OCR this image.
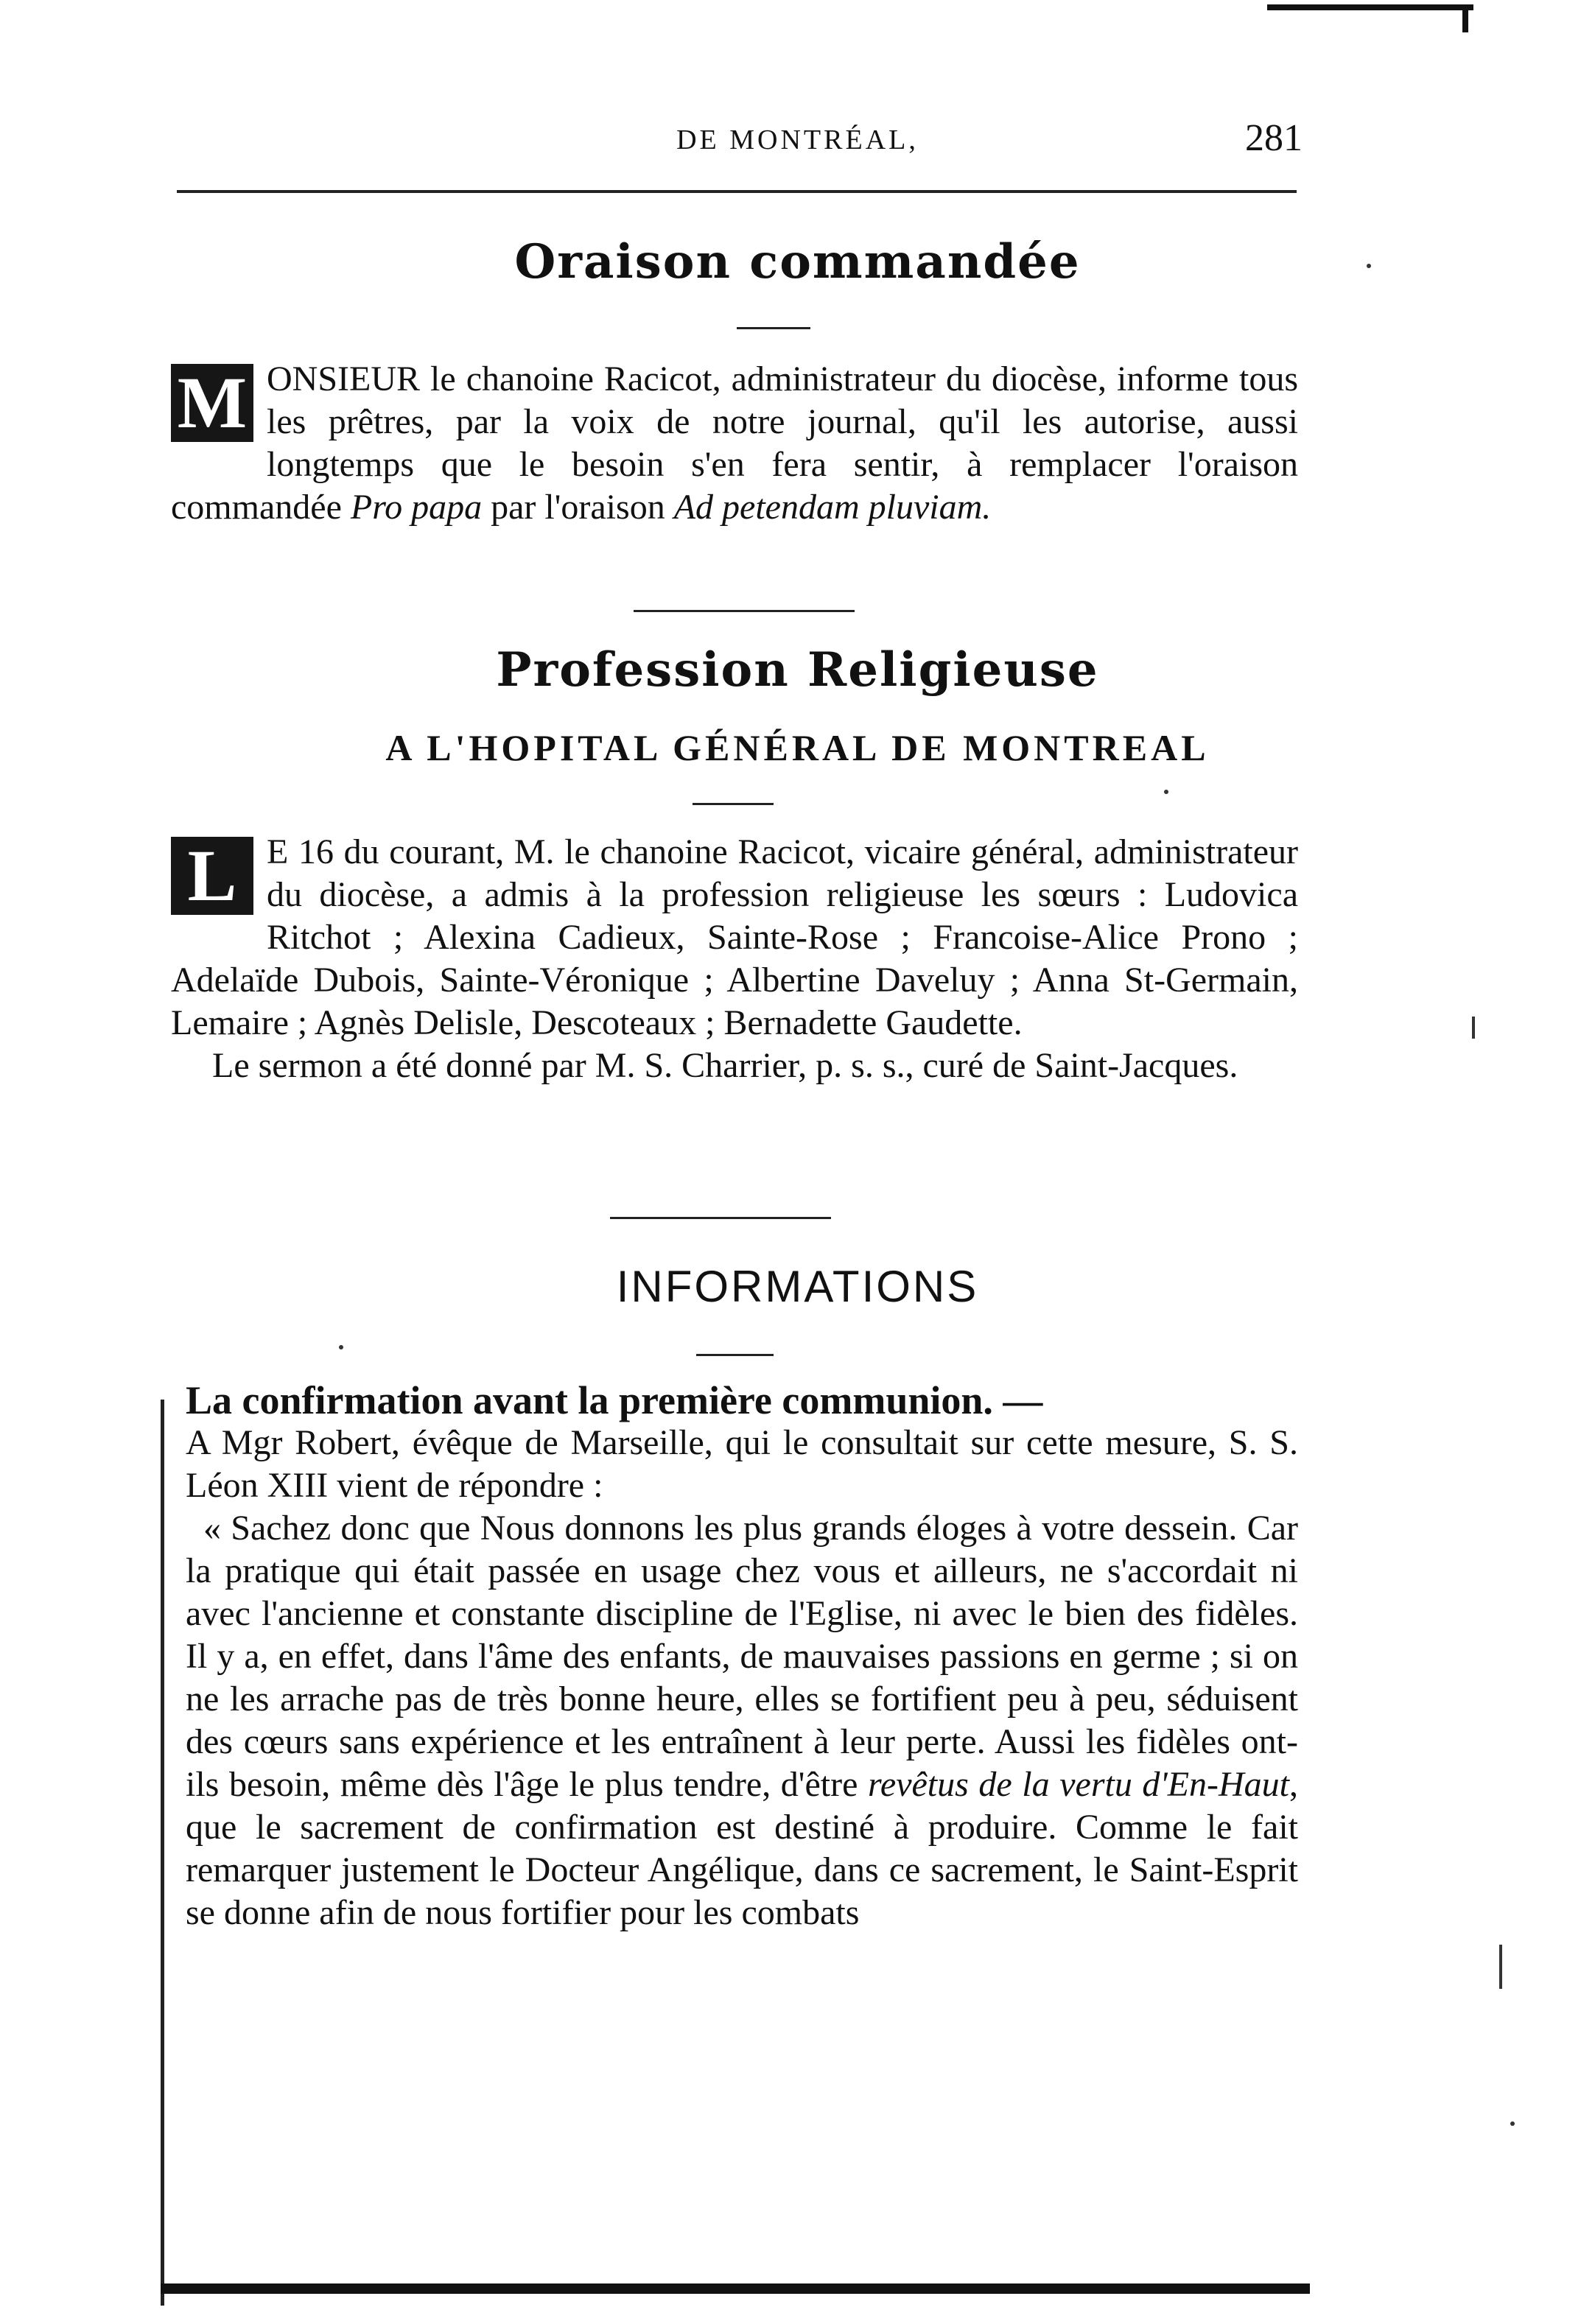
DE MONTRÉAL,	281
Oraison commandée

M ONSIEUR le chanoine Racicot, administrateur du diocèse, informe tous les prêtres, par la voix de notre journal, qu'il les autorise, aussi longtemps que le besoin s'en fera sentir, à remplacer l'oraison commandée Pro papa par l'oraison Ad petendam pluviam.

Profession Religieuse
A L'HOPITAL GÉNÉRAL DE MONTREAL

L E 16 du courant, M. le chanoine Racicot, vicaire général, administrateur du diocèse, a admis à la profession religieuse les sœurs : Ludovica Ritchot ; Alexina Cadieux, Sainte-Rose ; Francoise-Alice Prono ; Adelaïde Dubois, Sainte-Véronique ; Albertine Daveluy ; Anna St-Germain, Lemaire ; Agnès Delisle, Descoteaux ; Bernadette Gaudette.

Le sermon a été donné par M. S. Charrier, p. s. s., curé de Saint-Jacques.

INFORMATIONS

La confirmation avant la première communion. —

A Mgr Robert, évêque de Marseille, qui le consultait sur cette mesure, S. S. Léon XIII vient de répondre :

« Sachez donc que Nous donnons les plus grands éloges à votre dessein. Car la pratique qui était passée en usage chez vous et ailleurs, ne s'accordait ni avec l'ancienne et constante discipline de l'Eglise, ni avec le bien des fidèles. Il y a, en effet, dans l'âme des enfants, de mauvaises passions en germe ; si on ne les arrache pas de très bonne heure, elles se fortifient peu à peu, séduisent des cœurs sans expérience et les entraînent à leur perte. Aussi les fidèles ont-ils besoin, même dès l'âge le plus tendre, d'être revêtus de la vertu d'En-Haut, que le sacrement de confirmation est destiné à produire. Comme le fait remarquer justement le Docteur Angélique, dans ce sacrement, le Saint-Esprit se donne afin de nous fortifier pour les combats
